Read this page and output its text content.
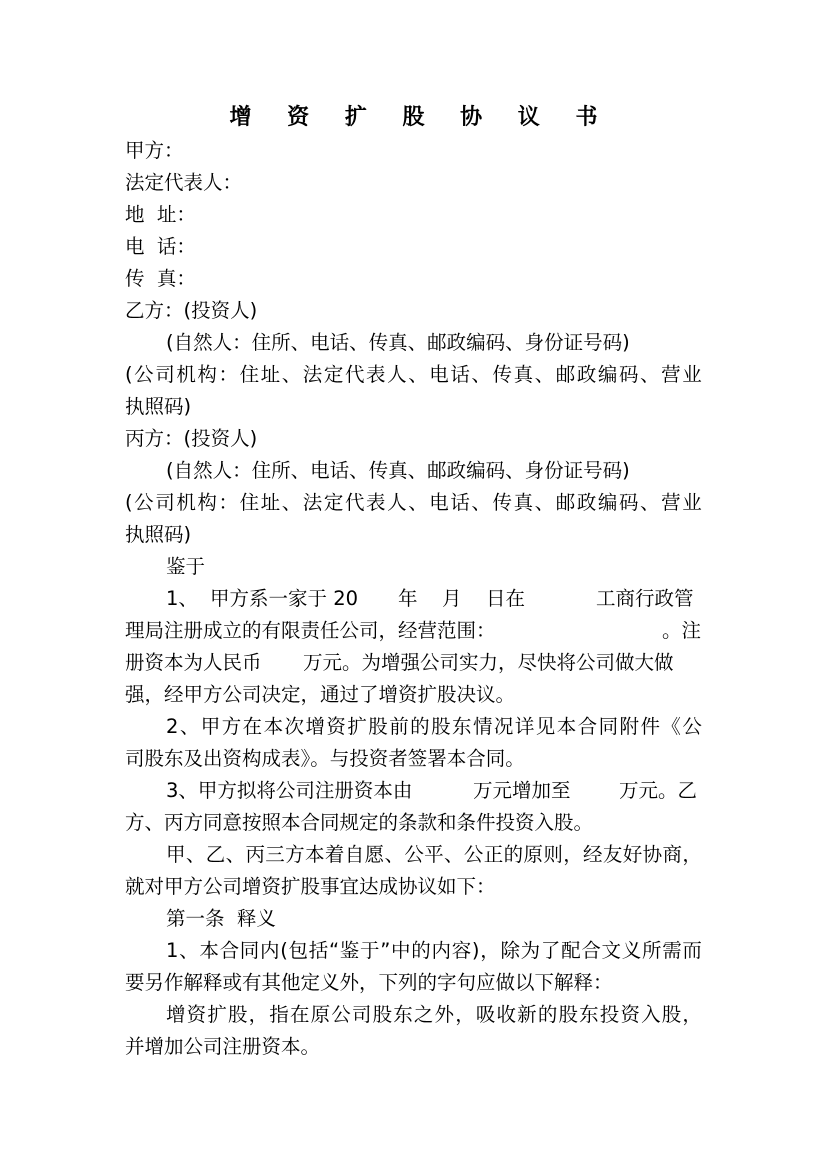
增 资 扩 股 协 议 书
甲方：
法定代表人：
地  址：
电  话：
传  真：
乙方：(投资人)
(自然人：住所、电话、传真、邮政编码、身份证号码)
( 公 司 机 构 ： 住 址 、 法 定 代 表 人 、 电 话 、 传 真 、 邮 政 编 码 、 营 业
执照码)
丙方：(投资人)
(自然人：住所、电话、传真、邮政编码、身份证号码)
( 公 司 机 构 ： 住 址 、 法 定 代 表 人 、 电 话 、 传 真 、 邮 政 编 码 、 营 业
执照码)
鉴于
1、 甲方系一家于 20 年 月 日在	工商行政管
理局注册成立的有限责任公司，经营范围：	。注
册资本为人民币 万元。为增强公司实力，尽快将公司做大做
强，经甲方公司决定，通过了增资扩股决议。
2 、 甲 方 在 本 次 增 资 扩 股 前 的 股 东 情 况 详 见 本 合 同 附 件 《 公
司股东及出资构成表》。与投资者签署本合同。
3、甲方拟将公司注册资本由	万元增加至 万元。乙
方、丙方同意按照本合同规定的条款和条件投资入股。
甲 、 乙 、 丙 三 方 本 着 自 愿 、 公 平 、 公 正 的 原 则 ， 经 友 好 协 商 ，
就对甲方公司增资扩股事宜达成协议如下：
第一条  释义
1 、 本 合 同 内 ( 包 括 “ 鉴 于 ” 中 的 内 容 ) ， 除 为 了 配 合 文 义 所 需 而
要另作解释或有其他定义外，下列的字句应做以下解释：
增 资 扩 股 ， 指 在 原 公 司 股 东 之 外 ， 吸 收 新 的 股 东 投 资 入 股 ，
并增加公司注册资本。
